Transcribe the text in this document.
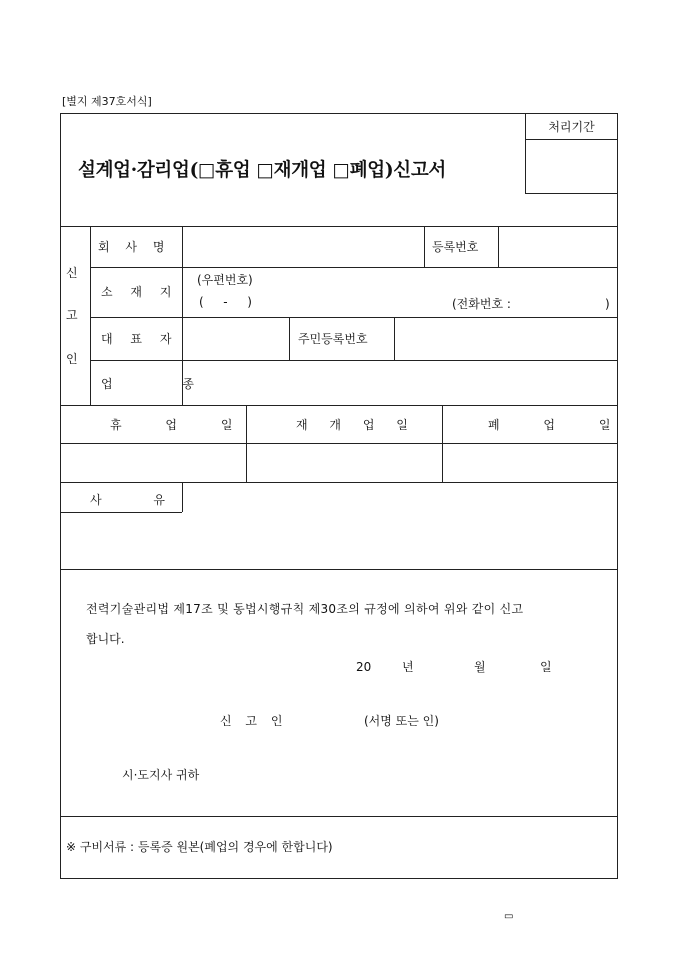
[별지 제37호서식]
설계업·감리업(□휴업 □재개업 □폐업)신고서
처리기간
신
고
인
회 사 명	등록번호
소 재 지
(우편번호)
(  -  )	(전화번호 :	)
대 표 자	주민등록번호
업 종
휴 업 일	재 개 업 일	폐 업 일
사 유
전력기술관리법 제17조 및 동법시행규칙 제30조의 규정에 의하여 위와 같이 신고
합니다.
20	년	월	일
신 고 인	(서명 또는 인)
시·도지사 귀하
※ 구비서류 : 등록증 원본(폐업의 경우에 한합니다)
▭
